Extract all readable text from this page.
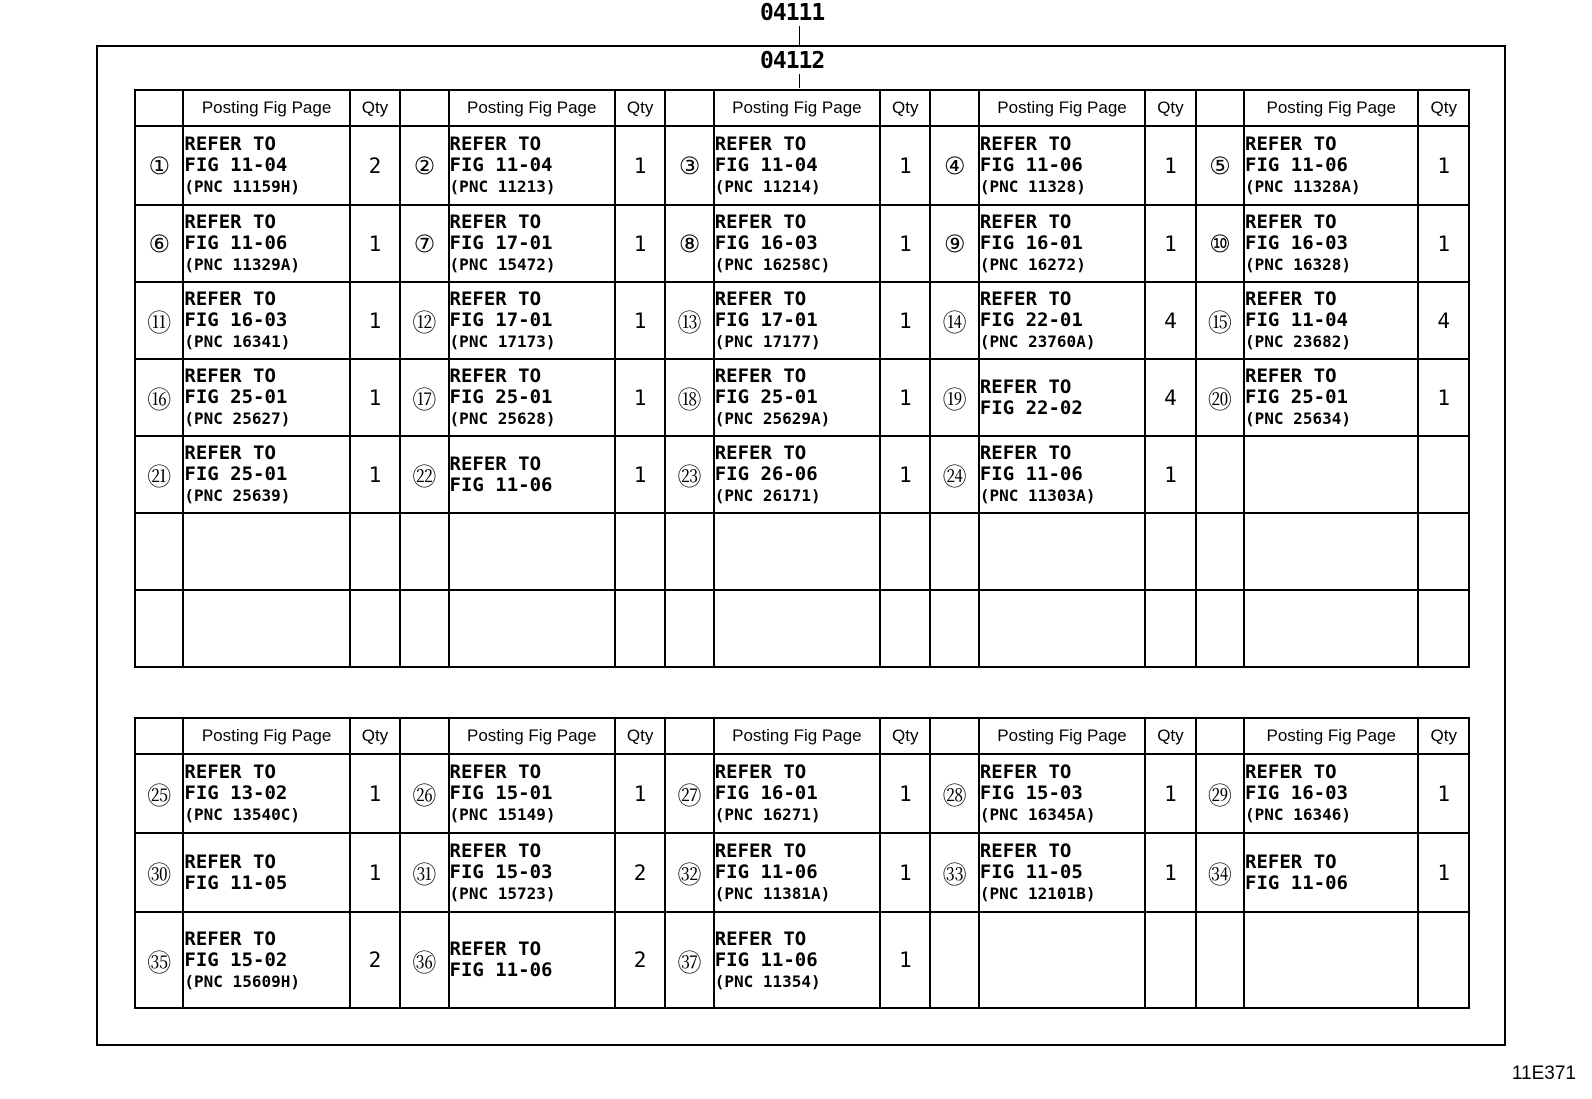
04111
04112
	Posting Fig Page	Qty		Posting Fig Page	Qty		Posting Fig Page	Qty		Posting Fig Page	Qty		Posting Fig Page	Qty
①	REFER TO
FIG 11-04
(PNC 11159H)	2	②	REFER TO
FIG 11-04
(PNC 11213)	1	③	REFER TO
FIG 11-04
(PNC 11214)	1	④	REFER TO
FIG 11-06
(PNC 11328)	1	⑤	REFER TO
FIG 11-06
(PNC 11328A)	1
⑥	REFER TO
FIG 11-06
(PNC 11329A)	1	⑦	REFER TO
FIG 17-01
(PNC 15472)	1	⑧	REFER TO
FIG 16-03
(PNC 16258C)	1	⑨	REFER TO
FIG 16-01
(PNC 16272)	1	⑩	REFER TO
FIG 16-03
(PNC 16328)	1
⑪	REFER TO
FIG 16-03
(PNC 16341)	1	⑫	REFER TO
FIG 17-01
(PNC 17173)	1	⑬	REFER TO
FIG 17-01
(PNC 17177)	1	⑭	REFER TO
FIG 22-01
(PNC 23760A)	4	⑮	REFER TO
FIG 11-04
(PNC 23682)	4
⑯	REFER TO
FIG 25-01
(PNC 25627)	1	⑰	REFER TO
FIG 25-01
(PNC 25628)	1	⑱	REFER TO
FIG 25-01
(PNC 25629A)	1	⑲	REFER TO
FIG 22-02	4	⑳	REFER TO
FIG 25-01
(PNC 25634)	1
㉑	REFER TO
FIG 25-01
(PNC 25639)	1	㉒	REFER TO
FIG 11-06	1	㉓	REFER TO
FIG 26-06
(PNC 26171)	1	㉔	REFER TO
FIG 11-06
(PNC 11303A)	1		

	Posting Fig Page	Qty		Posting Fig Page	Qty		Posting Fig Page	Qty		Posting Fig Page	Qty		Posting Fig Page	Qty
㉕	REFER TO
FIG 13-02
(PNC 13540C)	1	㉖	REFER TO
FIG 15-01
(PNC 15149)	1	㉗	REFER TO
FIG 16-01
(PNC 16271)	1	㉘	REFER TO
FIG 15-03
(PNC 16345A)	1	㉙	REFER TO
FIG 16-03
(PNC 16346)	1
㉚	REFER TO
FIG 11-05	1	㉛	REFER TO
FIG 15-03
(PNC 15723)	2	㉜	REFER TO
FIG 11-06
(PNC 11381A)	1	㉝	REFER TO
FIG 11-05
(PNC 12101B)	1	㉞	REFER TO
FIG 11-06	1
㉟	REFER TO
FIG 15-02
(PNC 15609H)	2	㊱	REFER TO
FIG 11-06	2	㊲	REFER TO
FIG 11-06
(PNC 11354)	1		

11E371
